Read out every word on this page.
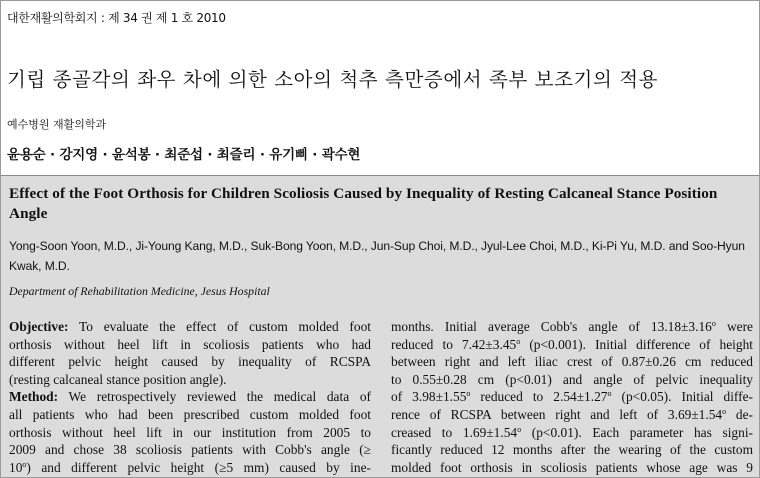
대한재활의학회지 : 제 34 권 제 1 호 2010
기립 종골각의 좌우 차에 의한 소아의 척추 측만증에서 족부 보조기의 적용
예수병원 재활의학과
윤용순 · 강지영 · 윤석봉 · 최준섭 · 최즐리 · 유기삐 · 곽수현
Effect of the Foot Orthosis for Children Scoliosis Caused by Inequality of Resting Calcaneal Stance Position Angle
Yong-Soon Yoon, M.D., Ji-Young Kang, M.D., Suk-Bong Yoon, M.D., Jun-Sup Choi, M.D., Jyul-Lee Choi, M.D., Ki-Pi Yu, M.D. and Soo-Hyun Kwak, M.D.
Department of Rehabilitation Medicine, Jesus Hospital
Objective: To evaluate the effect of custom molded foot
orthosis without heel lift in scoliosis patients who had
different pelvic height caused by inequality of RCSPA
(resting calcaneal stance position angle).
Method: We retrospectively reviewed the medical data of
all patients who had been prescribed custom molded foot
orthosis without heel lift in our institution from 2005 to
2009 and chose 38 scoliosis patients with Cobb's angle (≥
$10^o$) and different pelvic height (≥5 mm) caused by ine-
months. Initial average Cobb's angle of $13.18\pm 3.16^o$ were
reduced to $7.42\pm 3.45^o$ (p<0.001). Initial difference of height
between right and left iliac crest of 0.87±0.26 cm reduced
to 0.55±0.28 cm (p<0.01) and angle of pelvic inequality
of $3.98\pm 1.55^o$ reduced to $2.54\pm 1.27^o$ (p<0.05). Initial diffe-
rence of RCSPA between right and left of $3.69\pm 1.54^o$ de-
creased to $1.69\pm 1.54^o$ (p<0.01). Each parameter has signi-
ficantly reduced 12 months after the wearing of the custom
molded foot orthosis in scoliosis patients whose age was 9
